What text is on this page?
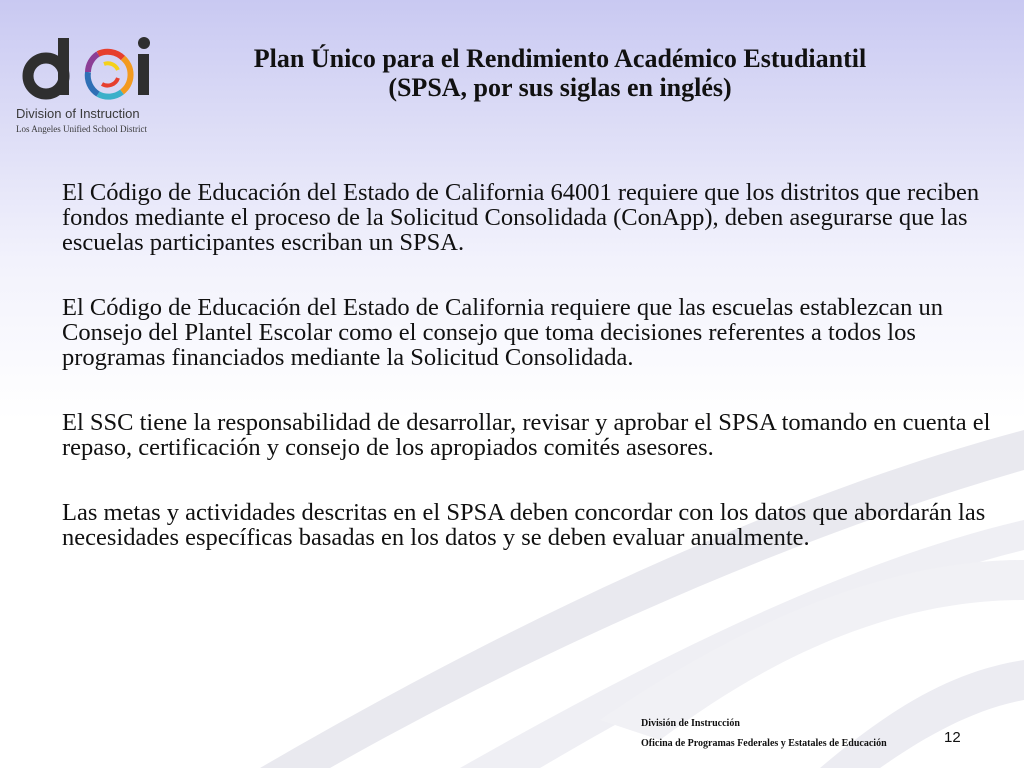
Division of Instruction
Los Angeles Unified School District
Plan Único para el Rendimiento Académico Estudiantil
(SPSA, por sus siglas en inglés)

El Código de Educación del Estado de California 64001 requiere que los distritos que reciben fondos mediante el proceso de la Solicitud Consolidada (ConApp), deben asegurarse que las escuelas participantes escriban un SPSA.

El Código de Educación del Estado de California requiere que las escuelas establezcan un Consejo del Plantel Escolar como el consejo que toma decisiones referentes a todos los programas financiados mediante la Solicitud Consolidada.

El SSC tiene la responsabilidad de desarrollar, revisar y aprobar el SPSA tomando en cuenta el repaso, certificación y consejo de los apropiados comités asesores.

Las metas y actividades descritas en el SPSA deben concordar con los datos que abordarán las necesidades específicas basadas en los datos y se deben evaluar anualmente.

División de Instrucción
Oficina de Programas Federales y Estatales de Educación	12
